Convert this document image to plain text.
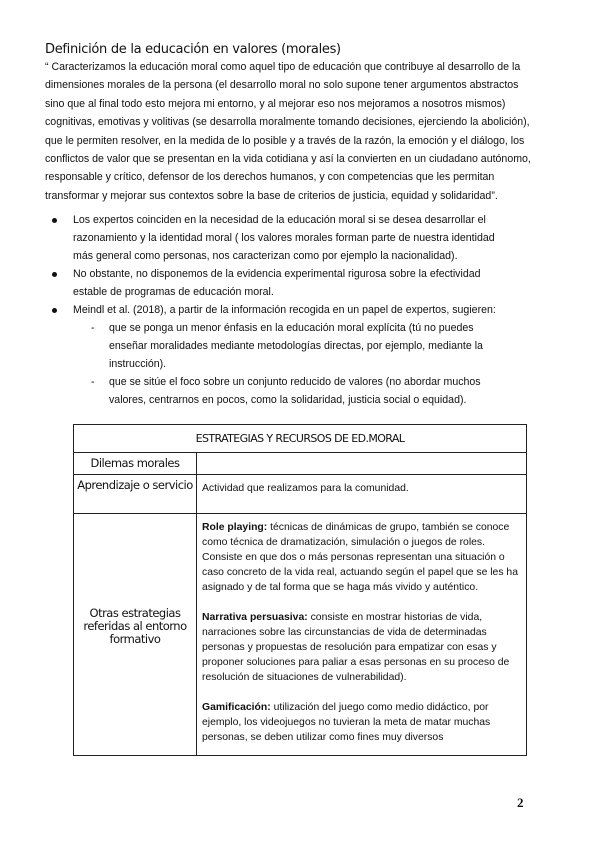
Definición de la educación en valores (morales)
“ Caracterizamos la educación moral como aquel tipo de educación que contribuye al desarrollo de la
dimensiones morales de la persona (el desarrollo moral no solo supone tener argumentos abstractos
sino que al final todo esto mejora mi entorno, y al mejorar eso nos mejoramos a nosotros mismos)
cognitivas, emotivas y volitivas (se desarrolla moralmente tomando decisiones, ejerciendo la abolición),
que le permiten resolver, en la medida de lo posible y a través de la razón, la emoción y el diálogo, los
conflictos de valor que se presentan en la vida cotidiana y así la convierten en un ciudadano autónomo,
responsable y crítico, defensor de los derechos humanos, y con competencias que les permitan
transformar y mejorar sus contextos sobre la base de criterios de justicia, equidad y solidaridad”.
Los expertos coinciden en la necesidad de la educación moral si se desea desarrollar el
razonamiento y la identidad moral ( los valores morales forman parte de nuestra identidad
más general como personas, nos caracterizan como por ejemplo la nacionalidad).
No obstante, no disponemos de la evidencia experimental rigurosa sobre la efectividad
estable de programas de educación moral.
Meindl et al. (2018), a partir de la información recogida en un papel de expertos, sugieren:
- que se ponga un menor énfasis en la educación moral explícita (tú no puedes
enseñar moralidades mediante metodologías directas, por ejemplo, mediante la
instrucción).
- que se sitúe el foco sobre un conjunto reducido de valores (no abordar muchos
valores, centrarnos en pocos, como la solidaridad, justicia social o equidad).
ESTRATEGIAS Y RECURSOS DE ED.MORAL	
Dilemas morales	
Aprendizaje o servicio	Actividad que realizamos para la comunidad.
Otras estrategias referidas al entorno formativo	Role playing: técnicas de dinámicas de grupo, también se conoce como técnica de dramatización, simulación o juegos de roles. Consiste en que dos o más personas representan una situación o caso concreto de la vida real, actuando según el papel que se les ha asignado y de tal forma que se haga más vivido y auténtico.
Narrativa persuasiva: consiste en mostrar historias de vida, narraciones sobre las circunstancias de vida de determinadas personas y propuestas de resolución para empatizar con esas y proponer soluciones para paliar a esas personas en su proceso de resolución de situaciones de vulnerabilidad).
Gamificación: utilización del juego como medio didáctico, por ejemplo, los videojuegos no tuvieran la meta de matar muchas personas, se deben utilizar como fines muy diversos
2
